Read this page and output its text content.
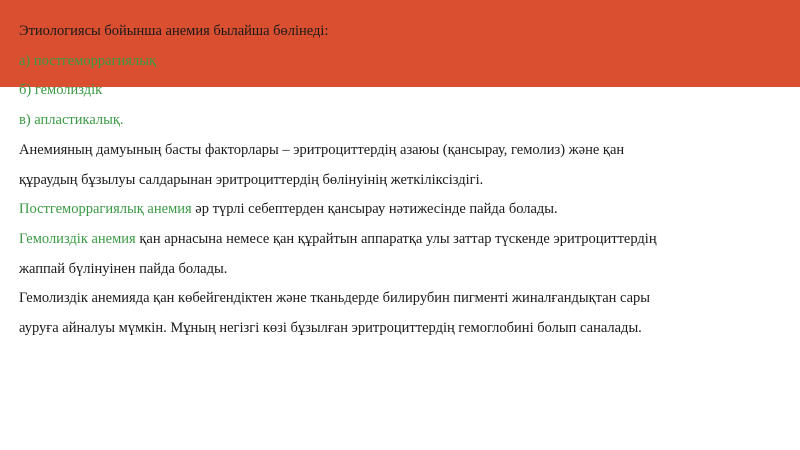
Этиологиясы бойынша анемия былайша бөлінеді:

а) постгеморрагиялық

б) гемолиздік

в) апластикалық.

Анемияның дамуының басты факторлары – эритроциттердің азаюы (қансырау, гемолиз) және қан

құраудың бұзылуы салдарынан эритроциттердің бөлінуінің жеткіліксіздігі.

Постгеморрагиялық анемия әр түрлі себептерден қансырау нәтижесінде пайда болады.

Гемолиздік анемия қан арнасына немесе қан құрайтын аппаратқа улы заттар түскенде эритроциттердің

жаппай бүлінуінен пайда болады.

Гемолиздік анемияда қан көбейгендіктен және тканьдерде билирубин пигменті жиналғандықтан сары

ауруға айналуы мүмкін. Мұның негізгі көзі бұзылған эритроциттердің гемоглобині болып саналады.
